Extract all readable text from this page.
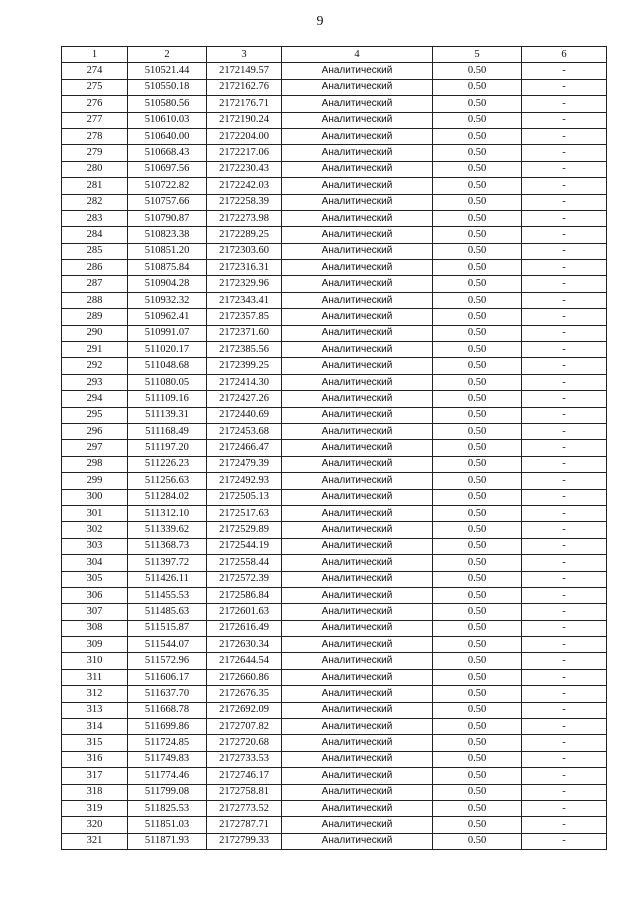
9
1	2	3	4	5	6
274	510521.44	2172149.57	Аналитический	0.50	-
275	510550.18	2172162.76	Аналитический	0.50	-
276	510580.56	2172176.71	Аналитический	0.50	-
277	510610.03	2172190.24	Аналитический	0.50	-
278	510640.00	2172204.00	Аналитический	0.50	-
279	510668.43	2172217.06	Аналитический	0.50	-
280	510697.56	2172230.43	Аналитический	0.50	-
281	510722.82	2172242.03	Аналитический	0.50	-
282	510757.66	2172258.39	Аналитический	0.50	-
283	510790.87	2172273.98	Аналитический	0.50	-
284	510823.38	2172289.25	Аналитический	0.50	-
285	510851.20	2172303.60	Аналитический	0.50	-
286	510875.84	2172316.31	Аналитический	0.50	-
287	510904.28	2172329.96	Аналитический	0.50	-
288	510932.32	2172343.41	Аналитический	0.50	-
289	510962.41	2172357.85	Аналитический	0.50	-
290	510991.07	2172371.60	Аналитический	0.50	-
291	511020.17	2172385.56	Аналитический	0.50	-
292	511048.68	2172399.25	Аналитический	0.50	-
293	511080.05	2172414.30	Аналитический	0.50	-
294	511109.16	2172427.26	Аналитический	0.50	-
295	511139.31	2172440.69	Аналитический	0.50	-
296	511168.49	2172453.68	Аналитический	0.50	-
297	511197.20	2172466.47	Аналитический	0.50	-
298	511226.23	2172479.39	Аналитический	0.50	-
299	511256.63	2172492.93	Аналитический	0.50	-
300	511284.02	2172505.13	Аналитический	0.50	-
301	511312.10	2172517.63	Аналитический	0.50	-
302	511339.62	2172529.89	Аналитический	0.50	-
303	511368.73	2172544.19	Аналитический	0.50	-
304	511397.72	2172558.44	Аналитический	0.50	-
305	511426.11	2172572.39	Аналитический	0.50	-
306	511455.53	2172586.84	Аналитический	0.50	-
307	511485.63	2172601.63	Аналитический	0.50	-
308	511515.87	2172616.49	Аналитический	0.50	-
309	511544.07	2172630.34	Аналитический	0.50	-
310	511572.96	2172644.54	Аналитический	0.50	-
311	511606.17	2172660.86	Аналитический	0.50	-
312	511637.70	2172676.35	Аналитический	0.50	-
313	511668.78	2172692.09	Аналитический	0.50	-
314	511699.86	2172707.82	Аналитический	0.50	-
315	511724.85	2172720.68	Аналитический	0.50	-
316	511749.83	2172733.53	Аналитический	0.50	-
317	511774.46	2172746.17	Аналитический	0.50	-
318	511799.08	2172758.81	Аналитический	0.50	-
319	511825.53	2172773.52	Аналитический	0.50	-
320	511851.03	2172787.71	Аналитический	0.50	-
321	511871.93	2172799.33	Аналитический	0.50	-
